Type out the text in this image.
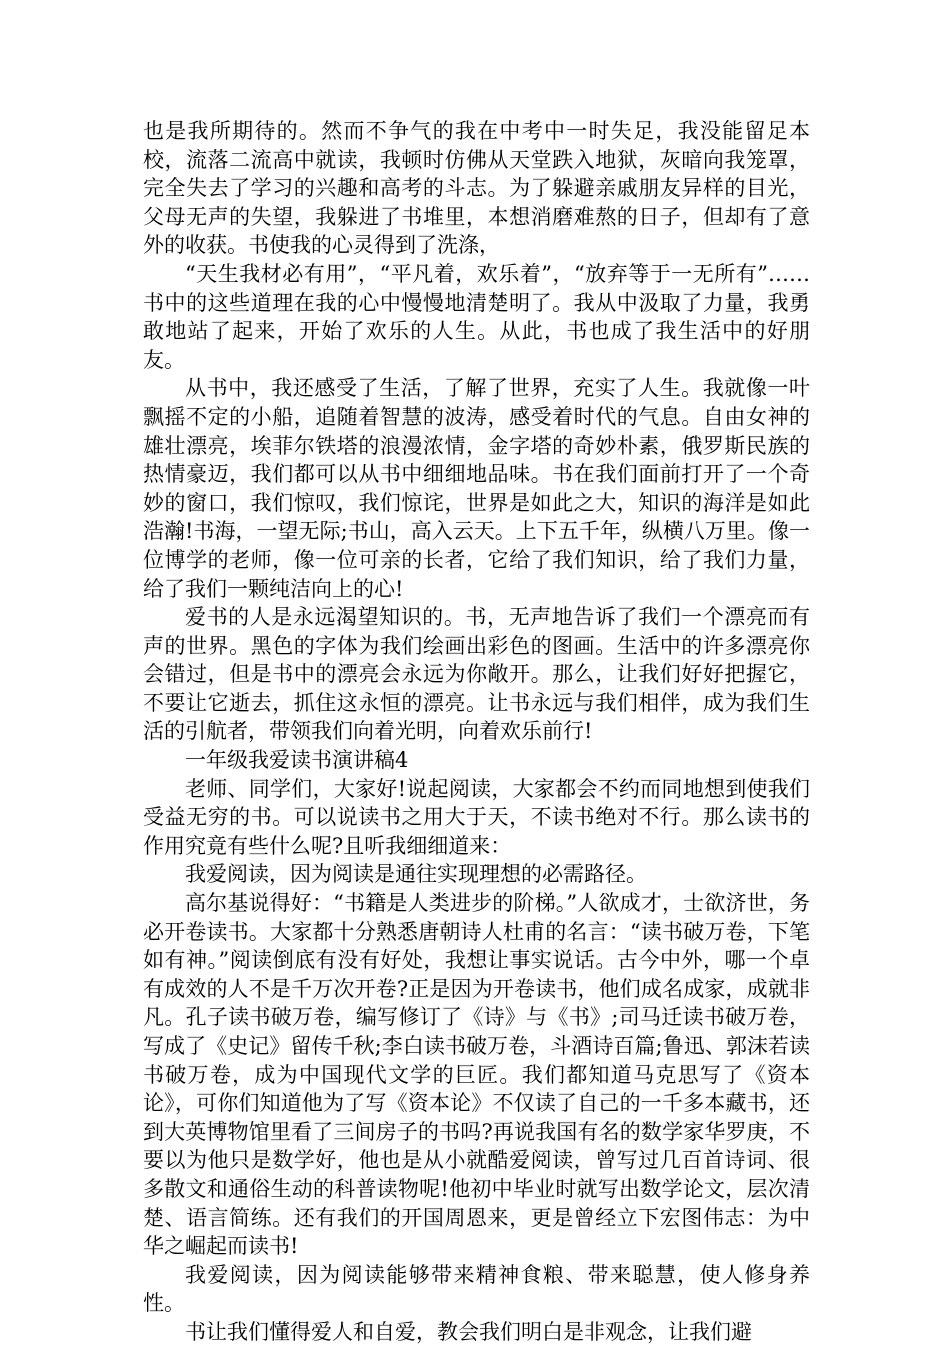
也是我所期待的。然而不争气的我在中考中一时失足，我没能留足本校，流落二流高中就读，我顿时仿佛从天堂跌入地狱，灰暗向我笼罩，完全失去了学习的兴趣和高考的斗志。为了躲避亲戚朋友异样的目光，父母无声的失望，我躲进了书堆里，本想消磨难熬的日子，但却有了意外的收获。书使我的心灵得到了洗涤，

“天生我材必有用”，“平凡着，欢乐着”，“放弃等于一无所有”……书中的这些道理在我的心中慢慢地清楚明了。我从中汲取了力量，我勇敢地站了起来，开始了欢乐的人生。从此，书也成了我生活中的好朋友。

从书中，我还感受了生活，了解了世界，充实了人生。我就像一叶飘摇不定的小船，追随着智慧的波涛，感受着时代的气息。自由女神的雄壮漂亮，埃菲尔铁塔的浪漫浓情，金字塔的奇妙朴素，俄罗斯民族的热情豪迈，我们都可以从书中细细地品味。书在我们面前打开了一个奇妙的窗口，我们惊叹，我们惊诧，世界是如此之大，知识的海洋是如此浩瀚!书海，一望无际;书山，高入云天。上下五千年，纵横八万里。像一位博学的老师，像一位可亲的长者，它给了我们知识，给了我们力量，给了我们一颗纯洁向上的心!

爱书的人是永远渴望知识的。书，无声地告诉了我们一个漂亮而有声的世界。黑色的字体为我们绘画出彩色的图画。生活中的许多漂亮你会错过，但是书中的漂亮会永远为你敞开。那么，让我们好好把握它，不要让它逝去，抓住这永恒的漂亮。让书永远与我们相伴，成为我们生活的引航者，带领我们向着光明，向着欢乐前行!

一年级我爱读书演讲稿4

老师、同学们，大家好!说起阅读，大家都会不约而同地想到使我们受益无穷的书。可以说读书之用大于天，不读书绝对不行。那么读书的作用究竟有些什么呢?且听我细细道来：

我爱阅读，因为阅读是通往实现理想的必需路径。

高尔基说得好：“书籍是人类进步的阶梯。”人欲成才，士欲济世，务必开卷读书。大家都十分熟悉唐朝诗人杜甫的名言：“读书破万卷，下笔如有神。”阅读倒底有没有好处，我想让事实说话。古今中外，哪一个卓有成效的人不是千万次开卷?正是因为开卷读书，他们成名成家，成就非凡。孔子读书破万卷，编写修订了《诗》与《书》;司马迁读书破万卷，写成了《史记》留传千秋;李白读书破万卷，斗酒诗百篇;鲁迅、郭沫若读书破万卷，成为中国现代文学的巨匠。我们都知道马克思写了《资本论》，可你们知道他为了写《资本论》不仅读了自己的一千多本藏书，还到大英博物馆里看了三间房子的书吗?再说我国有名的数学家华罗庚，不要以为他只是数学好，他也是从小就酷爱阅读，曾写过几百首诗词、很多散文和通俗生动的科普读物呢!他初中毕业时就写出数学论文，层次清楚、语言简练。还有我们的开国周恩来，更是曾经立下宏图伟志：为中华之崛起而读书!

我爱阅读，因为阅读能够带来精神食粮、带来聪慧，使人修身养性。

书让我们懂得爱人和自爱，教会我们明白是非观念，让我们避
